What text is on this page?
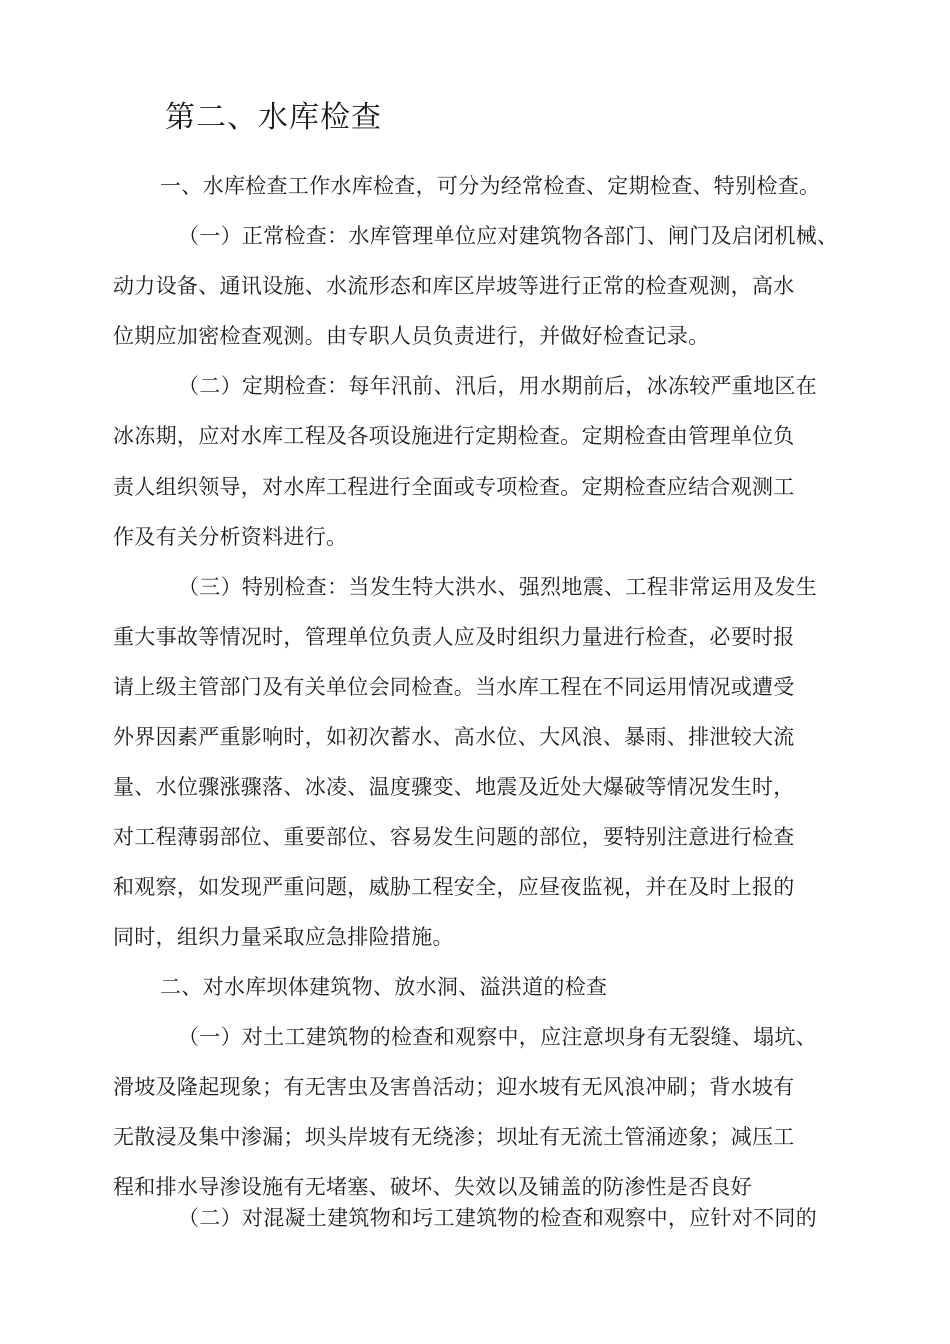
第二、水库检查
一、水库检查工作水库检查，可分为经常检查、定期检查、特别检查。
（一）正常检查：水库管理单位应对建筑物各部门、闸门及启闭机械、
动力设备、通讯设施、水流形态和库区岸坡等进行正常的检查观测，高水
位期应加密检查观测。由专职人员负责进行，并做好检查记录。
（二）定期检查：每年汛前、汛后，用水期前后，冰冻较严重地区在
冰冻期，应对水库工程及各项设施进行定期检查。定期检查由管理单位负
责人组织领导，对水库工程进行全面或专项检查。定期检查应结合观测工
作及有关分析资料进行。
（三）特别检查：当发生特大洪水、强烈地震、工程非常运用及发生
重大事故等情况时，管理单位负责人应及时组织力量进行检查，必要时报
请上级主管部门及有关单位会同检查。当水库工程在不同运用情况或遭受
外界因素严重影响时，如初次蓄水、高水位、大风浪、暴雨、排泄较大流
量、水位骤涨骤落、冰凌、温度骤变、地震及近处大爆破等情况发生时，
对工程薄弱部位、重要部位、容易发生问题的部位，要特别注意进行检查
和观察，如发现严重问题，威胁工程安全，应昼夜监视，并在及时上报的
同时，组织力量采取应急排险措施。
二、对水库坝体建筑物、放水洞、溢洪道的检查
（一）对土工建筑物的检查和观察中，应注意坝身有无裂缝、塌坑、
滑坡及隆起现象；有无害虫及害兽活动；迎水坡有无风浪冲刷；背水坡有
无散浸及集中渗漏；坝头岸坡有无绕渗；坝址有无流土管涌迹象；减压工
程和排水导渗设施有无堵塞、破坏、失效以及铺盖的防渗性是否良好
（二）对混凝土建筑物和圬工建筑物的检查和观察中，应针对不同的
